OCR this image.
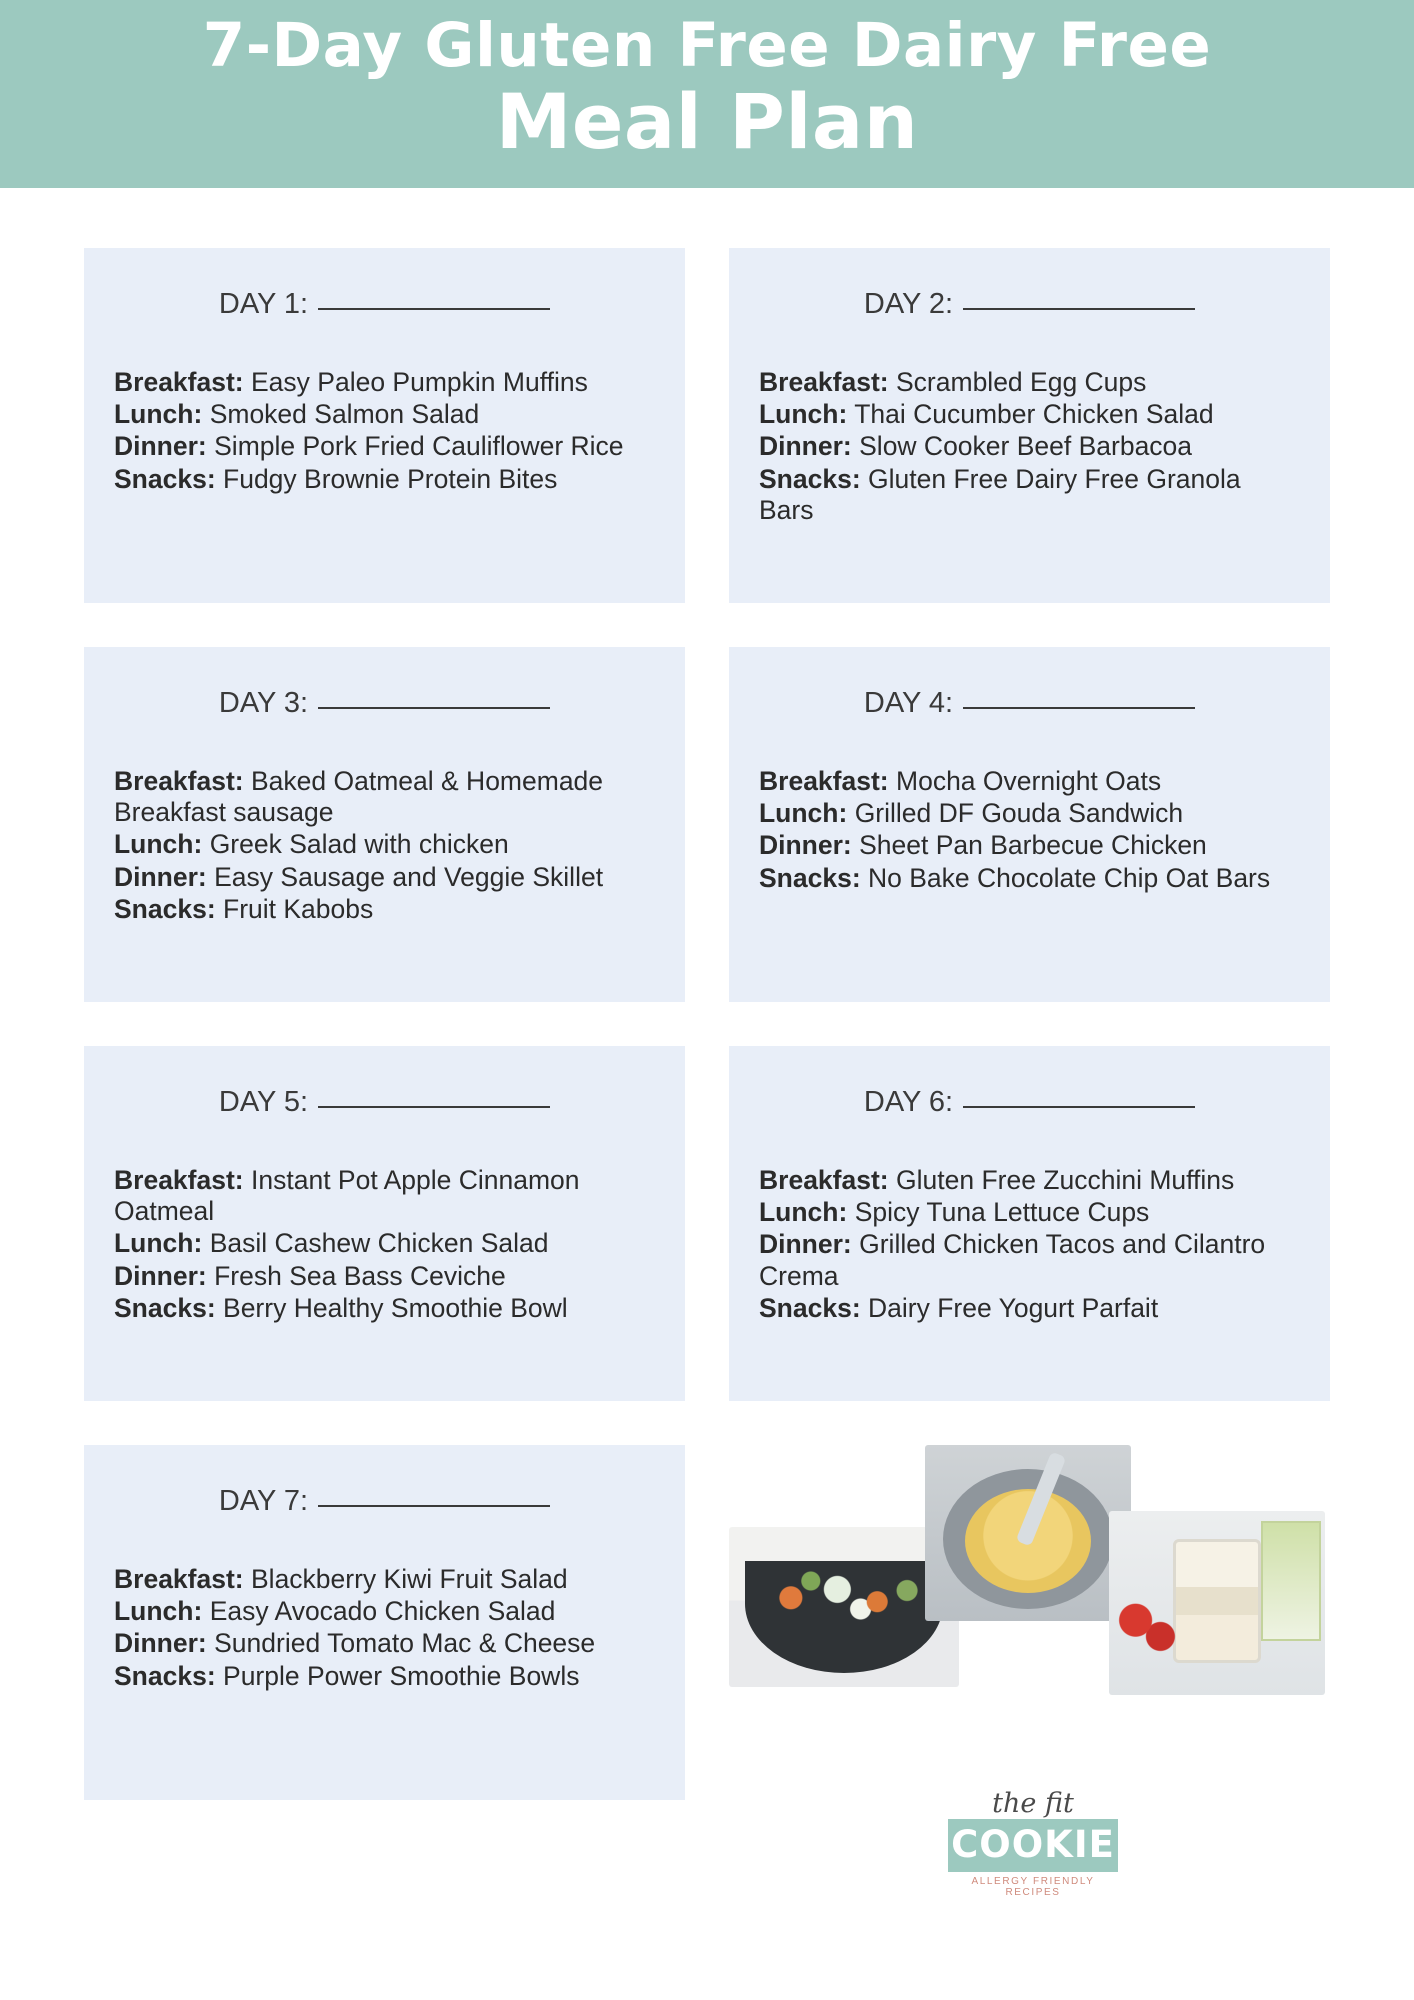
7-Day Gluten Free Dairy Free
Meal Plan
DAY 1:
Breakfast: Easy Paleo Pumpkin Muffins
Lunch: Smoked Salmon Salad
Dinner: Simple Pork Fried Cauliflower Rice
Snacks: Fudgy Brownie Protein Bites
DAY 2:
Breakfast: Scrambled Egg Cups
Lunch: Thai Cucumber Chicken Salad
Dinner: Slow Cooker Beef Barbacoa
Snacks: Gluten Free Dairy Free Granola Bars
DAY 3:
Breakfast: Baked Oatmeal & Homemade Breakfast sausage
Lunch: Greek Salad with chicken
Dinner: Easy Sausage and Veggie Skillet
Snacks: Fruit Kabobs
DAY 4:
Breakfast: Mocha Overnight Oats
Lunch: Grilled DF Gouda Sandwich
Dinner: Sheet Pan Barbecue Chicken
Snacks: No Bake Chocolate Chip Oat Bars
DAY 5:
Breakfast: Instant Pot Apple Cinnamon Oatmeal
Lunch: Basil Cashew Chicken Salad
Dinner: Fresh Sea Bass Ceviche
Snacks: Berry Healthy Smoothie Bowl
DAY 6:
Breakfast: Gluten Free Zucchini Muffins
Lunch: Spicy Tuna Lettuce Cups
Dinner: Grilled Chicken Tacos and Cilantro Crema
Snacks: Dairy Free Yogurt Parfait
DAY 7:
Breakfast: Blackberry Kiwi Fruit Salad
Lunch: Easy Avocado Chicken Salad
Dinner: Sundried Tomato Mac & Cheese
Snacks: Purple Power Smoothie Bowls
the fit
COOKIE
ALLERGY FRIENDLY RECIPES
